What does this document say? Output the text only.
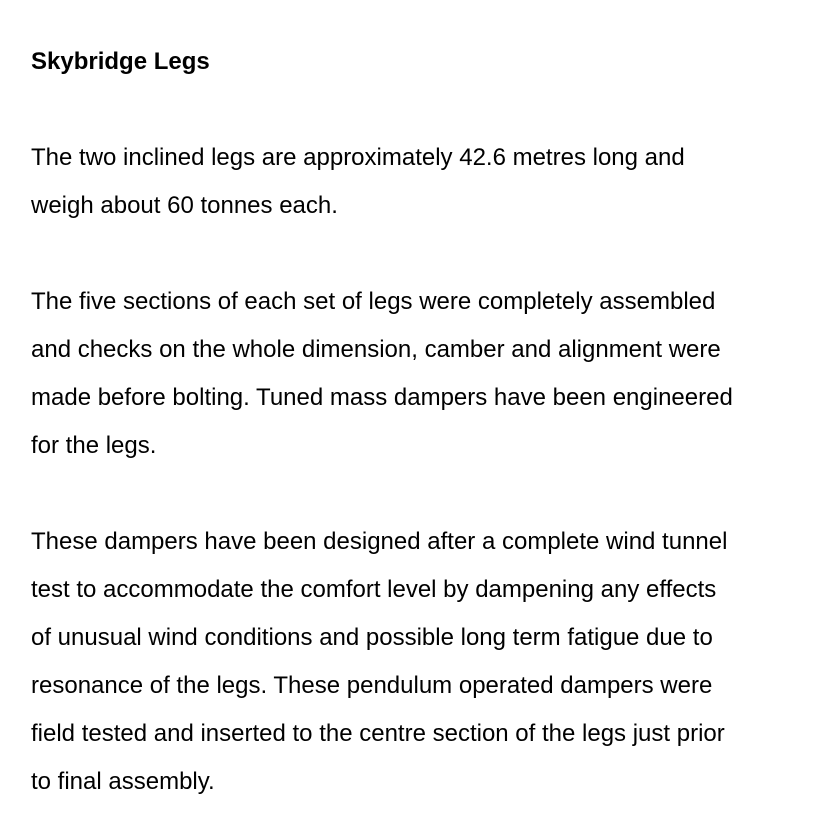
Skybridge Legs

The two inclined legs are approximately 42.6 metres long and
weigh about 60 tonnes each.

The five sections of each set of legs were completely assembled
and checks on the whole dimension, camber and alignment were
made before bolting. Tuned mass dampers have been engineered
for the legs.

These dampers have been designed after a complete wind tunnel
test to accommodate the comfort level by dampening any effects
of unusual wind conditions and possible long term fatigue due to
resonance of the legs. These pendulum operated dampers were
field tested and inserted to the centre section of the legs just prior
to final assembly.
